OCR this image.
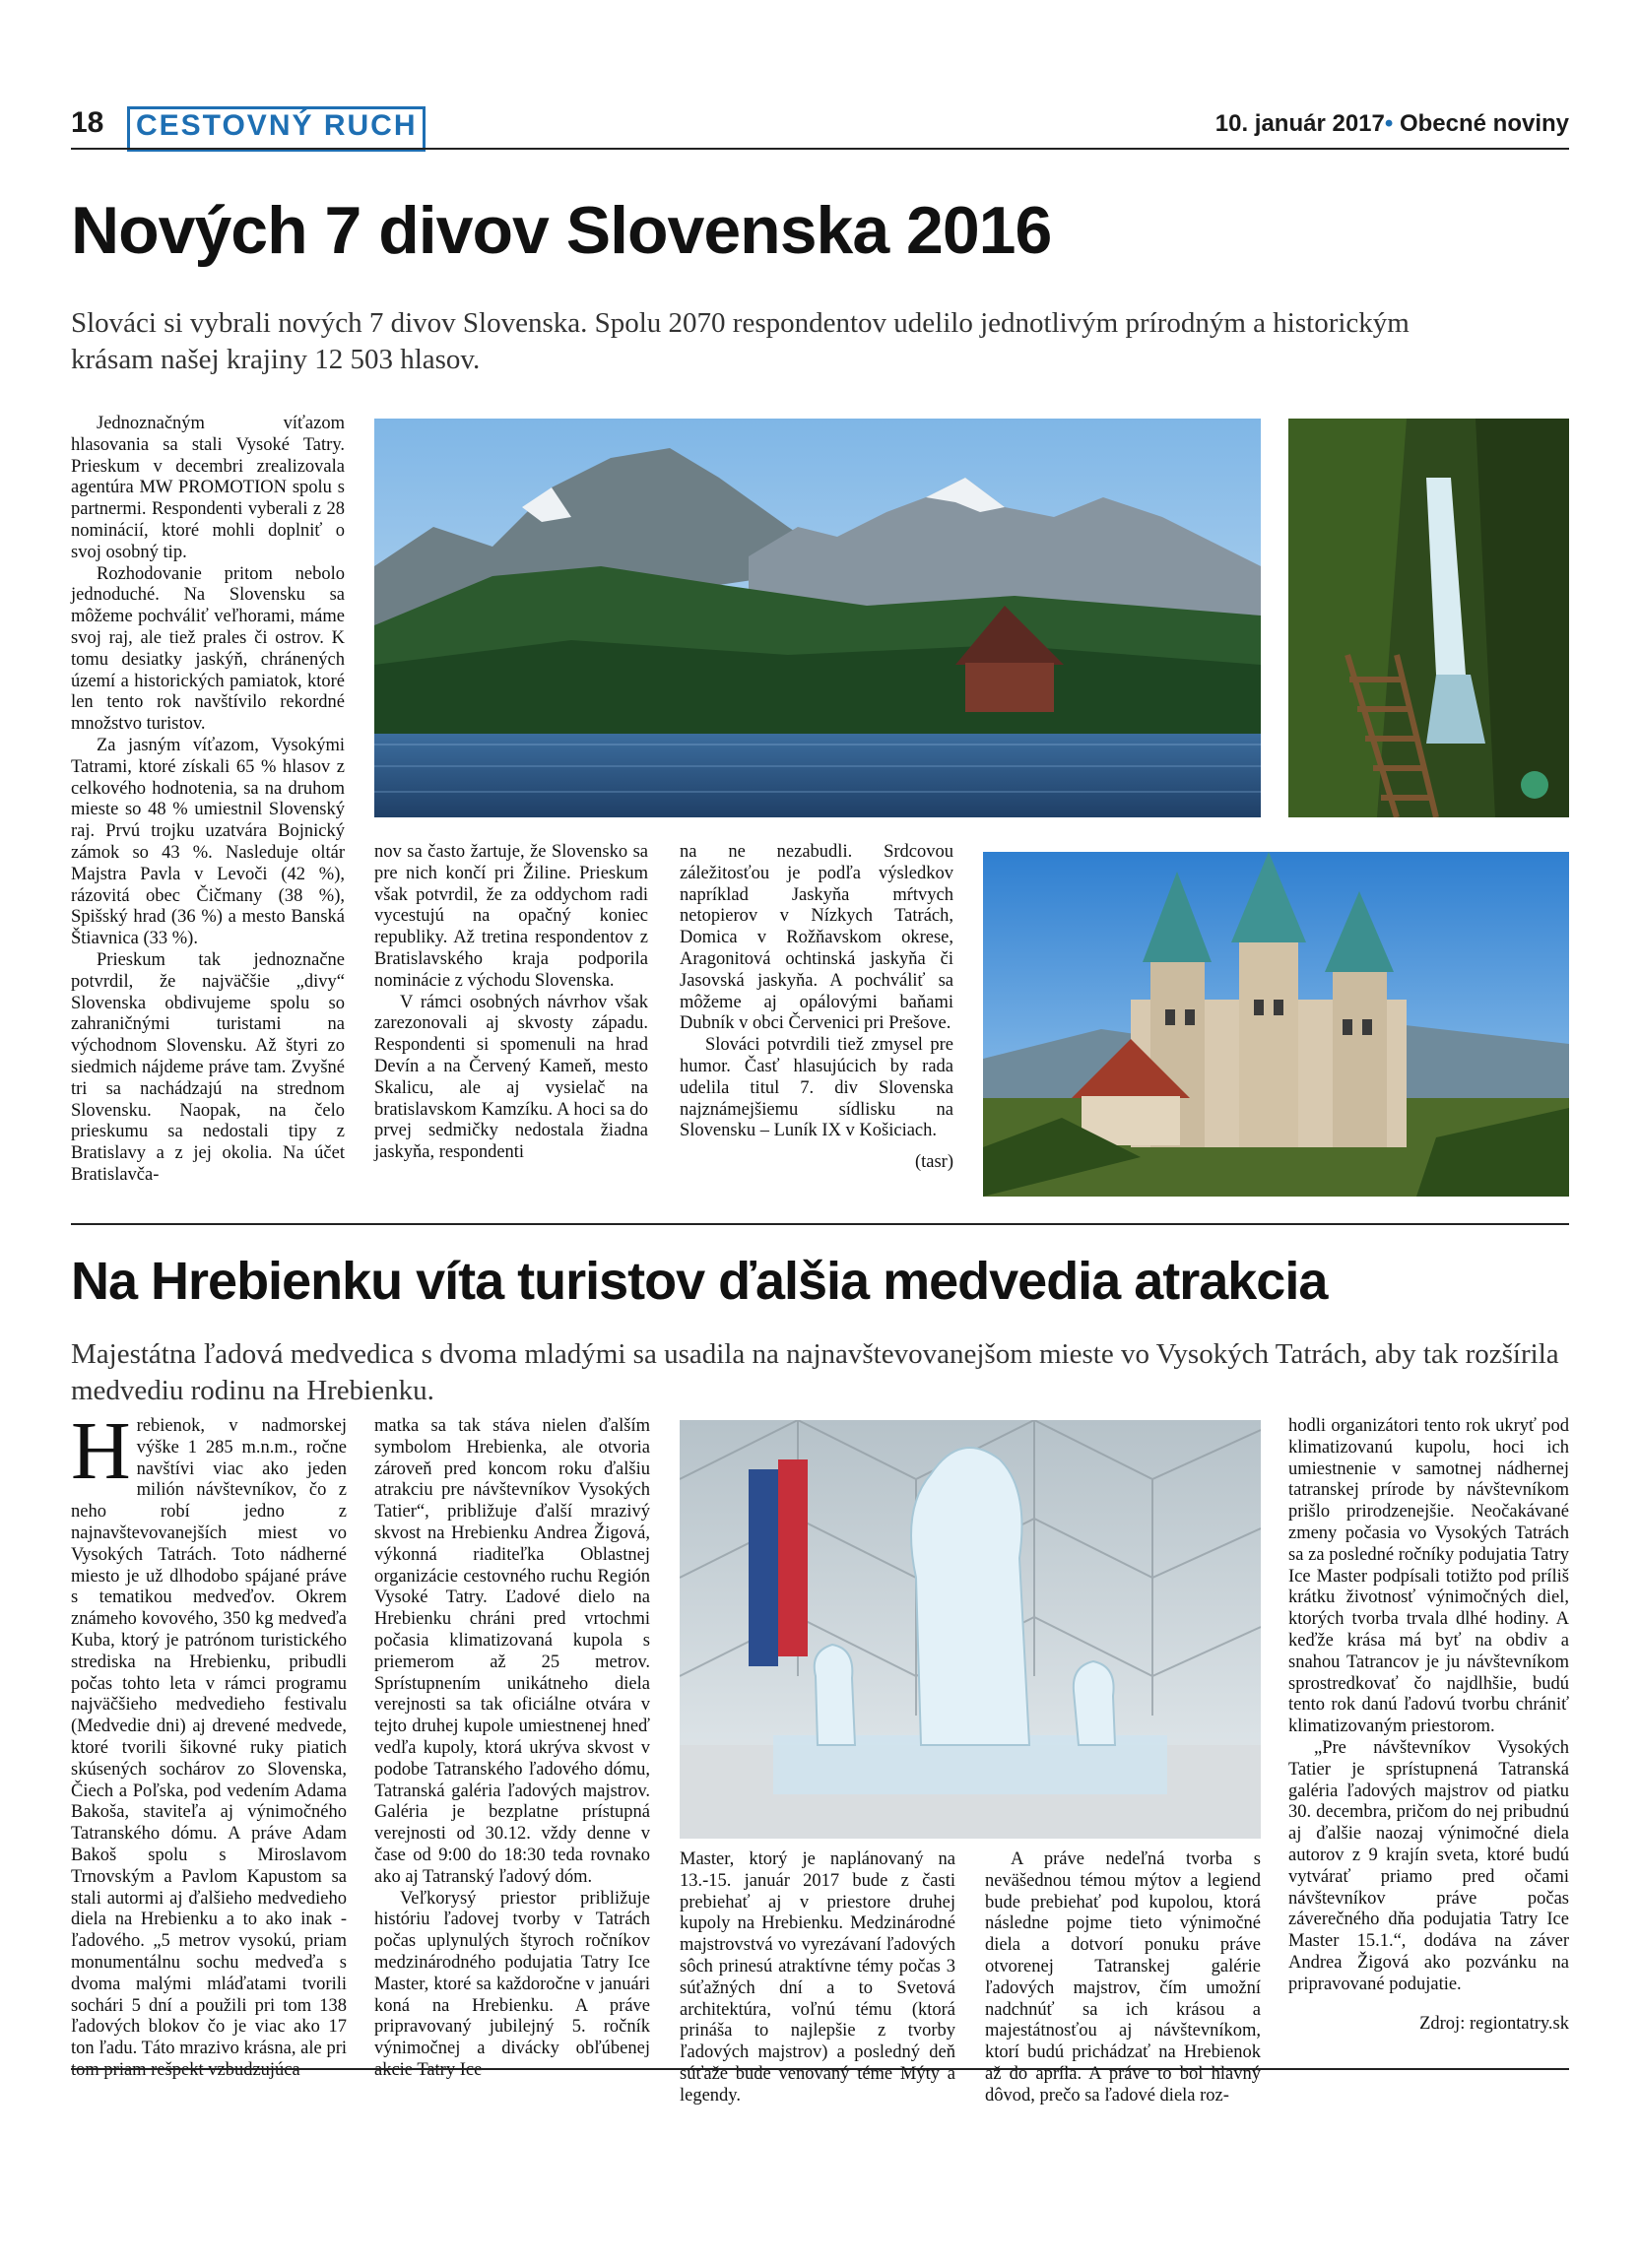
18	CESTOVNÝ RUCH	10. január 2017• Obecné noviny
Nových 7 divov Slovenska 2016
Slováci si vybrali nových 7 divov Slovenska. Spolu 2070 respondentov udelilo jednotlivým prírodným a historickým krásam našej krajiny 12 503 hlasov.

Jednoznačným víťazom hlasovania sa stali Vysoké Tatry. Prieskum v decembri zrealizovala agentúra MW PROMOTION spolu s partnermi. Respondenti vyberali z 28 nominácií, ktoré mohli doplniť o svoj osobný tip.

Rozhodovanie pritom nebolo jednoduché. Na Slovensku sa môžeme pochváliť veľhorami, máme svoj raj, ale tiež prales či ostrov. K tomu desiatky jaskýň, chránených území a historických pamiatok, ktoré len tento rok navštívilo rekordné množstvo turistov.

Za jasným víťazom, Vysokými Tatrami, ktoré získali 65 % hlasov z celkového hodnotenia, sa na druhom mieste so 48 % umiestnil Slovenský raj. Prvú trojku uzatvára Bojnický zámok so 43 %. Nasleduje oltár Majstra Pavla v Levoči (42 %), rázovitá obec Čičmany (38 %), Spišský hrad (36 %) a mesto Banská Štiavnica (33 %).

Prieskum tak jednoznačne potvrdil, že najväčšie „divy“ Slovenska obdivujeme spolu so zahraničnými turistami na východnom Slovensku. Až štyri zo siedmich nájdeme práve tam. Zvyšné tri sa nachádzajú na strednom Slovensku. Naopak, na čelo prieskumu sa nedostali tipy z Bratislavy a z jej okolia. Na účet Bratislavča-

nov sa často žartuje, že Slovensko sa pre nich končí pri Žiline. Prieskum však potvrdil, že za oddychom radi vycestujú na opačný koniec republiky. Až tretina respondentov z Bratislavského kraja podporila nominácie z východu Slovenska.

V rámci osobných návrhov však zarezonovali aj skvosty západu. Respondenti si spomenuli na hrad Devín a na Červený Kameň, mesto Skalicu, ale aj vysielač na bratislavskom Kamzíku. A hoci sa do prvej sedmičky nedostala žiadna jaskyňa, respondenti

na ne nezabudli. Srdcovou záležitosťou je podľa výsledkov napríklad Jaskyňa mŕtvych netopierov v Nízkych Tatrách, Domica v Rožňavskom okrese, Aragonitová ochtinská jaskyňa či Jasovská jaskyňa. A pochváliť sa môžeme aj opálovými baňami Dubník v obci Červenici pri Prešove.

Slováci potvrdili tiež zmysel pre humor. Časť hlasujúcich by rada udelila titul 7. div Slovenska najznámejšiemu sídlisku na Slovensku – Luník IX v Košiciach.

(tasr)

Na Hrebienku víta turistov ďalšia medvedia atrakcia
Majestátna ľadová medvedica s dvoma mladými sa usadila na najnavštevovanejšom mieste vo Vysokých Tatrách, aby tak rozšírila medvediu rodinu na Hrebienku.

Hrebienok, v nadmorskej výške 1 285 m.n.m., ročne navštívi viac ako jeden milión návštevníkov, čo z neho robí jedno z najnavštevovanejších miest vo Vysokých Tatrách. Toto nádherné miesto je už dlhodobo spájané práve s tematikou medveďov. Okrem známeho kovového, 350 kg medveďa Kuba, ktorý je patrónom turistického strediska na Hrebienku, pribudli počas tohto leta v rámci programu najväčšieho medvedieho festivalu (Medvedie dni) aj drevené medvede, ktoré tvorili šikovné ruky piatich skúsených sochárov zo Slovenska, Čiech a Poľska, pod vedením Adama Bakoša, staviteľa aj výnimočného Tatranského dómu. A práve Adam Bakoš spolu s Miroslavom Trnovským a Pavlom Kapustom sa stali autormi aj ďalšieho medvedieho diela na Hrebienku a to ako inak - ľadového. „5 metrov vysokú, priam monumentálnu sochu medveďa s dvoma malými mláďatami tvorili sochári 5 dní a použili pri tom 138 ľadových blokov čo je viac ako 17 ton ľadu. Táto mrazivo krásna, ale pri tom priam rešpekt vzbudzujúca

matka sa tak stáva nielen ďalším symbolom Hrebienka, ale otvoria zároveň pred koncom roku ďalšiu atrakciu pre návštevníkov Vysokých Tatier“, približuje ďalší mrazivý skvost na Hrebienku Andrea Žigová, výkonná riaditeľka Oblastnej organizácie cestovného ruchu Región Vysoké Tatry. Ľadové dielo na Hrebienku chráni pred vrtochmi počasia klimatizovaná kupola s priemerom až 25 metrov. Sprístupnením unikátneho diela verejnosti sa tak oficiálne otvára v tejto druhej kupole umiestnenej hneď vedľa kupoly, ktorá ukrýva skvost v podobe Tatranského ľadového dómu, Tatranská galéria ľadových majstrov. Galéria je bezplatne prístupná verejnosti od 30.12. vždy denne v čase od 9:00 do 18:30 teda rovnako ako aj Tatranský ľadový dóm.

Veľkorysý priestor približuje históriu ľadovej tvorby v Tatrách počas uplynulých štyroch ročníkov medzinárodného podujatia Tatry Ice Master, ktoré sa každoročne v januári koná na Hrebienku. A práve pripravovaný jubilejný 5. ročník výnimočnej a divácky obľúbenej akcie Tatry Ice

Master, ktorý je naplánovaný na 13.-15. január 2017 bude z časti prebiehať aj v priestore druhej kupoly na Hrebienku. Medzinárodné majstrovstvá vo vyrezávaní ľadových sôch prinesú atraktívne témy počas 3 súťažných dní a to Svetová architektúra, voľnú tému (ktorá prináša to najlepšie z tvorby ľadových majstrov) a posledný deň súťaže bude venovaný téme Mýty a legendy.

A práve nedeľná tvorba s neväšednou témou mýtov a legiend bude prebiehať pod kupolou, ktorá následne pojme tieto výnimočné diela a dotvorí ponuku práve otvorenej Tatranskej galérie ľadových majstrov, čím umožní nadchnúť sa ich krásou a majestátnosťou aj návštevníkom, ktorí budú prichádzať na Hrebienok až do apríla. A práve to bol hlavný dôvod, prečo sa ľadové diela roz-

hodli organizátori tento rok ukryť pod klimatizovanú kupolu, hoci ich umiestnenie v samotnej nádhernej tatranskej prírode by návštevníkom prišlo prirodzenejšie. Neočakávané zmeny počasia vo Vysokých Tatrách sa za posledné ročníky podujatia Tatry Ice Master podpísali totižto pod príliš krátku životnosť výnimočných diel, ktorých tvorba trvala dlhé hodiny. A keďže krása má byť na obdiv a snahou Tatrancov je ju návštevníkom sprostredkovať čo najdlhšie, budú tento rok danú ľadovú tvorbu chrániť klimatizovaným priestorom.

„Pre návštevníkov Vysokých Tatier je sprístupnená Tatranská galéria ľadových majstrov od piatku 30. decembra, pričom do nej pribudnú aj ďalšie naozaj výnimočné diela autorov z 9 krajín sveta, ktoré budú vytvárať priamo pred očami návštevníkov práve počas záverečného dňa podujatia Tatry Ice Master 15.1.“, dodáva na záver Andrea Žigová ako pozvánku na pripravované podujatie.

Zdroj: regiontatry.sk
